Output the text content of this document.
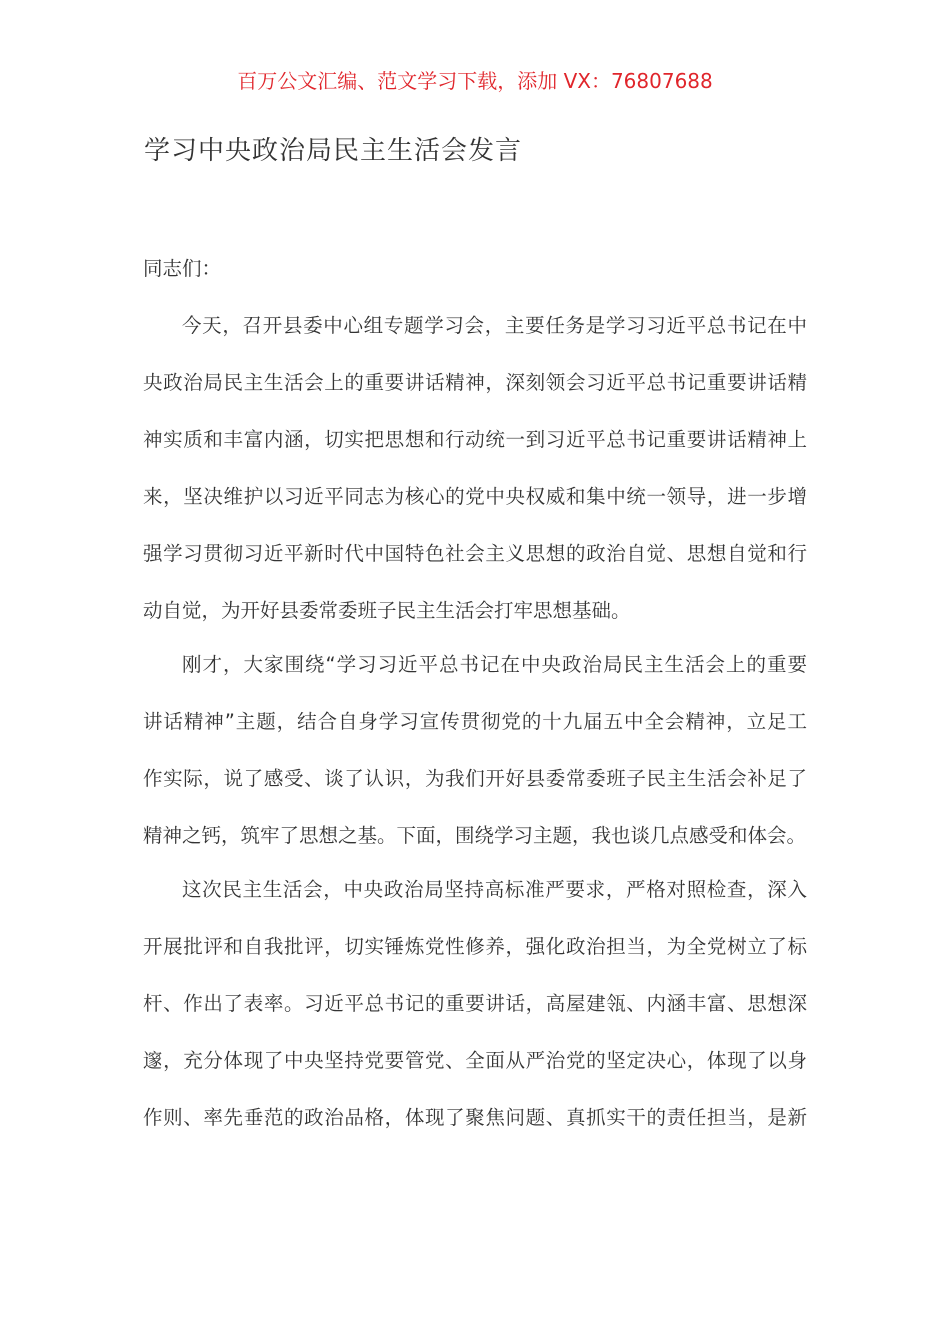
百万公文汇编、范文学习下载，添加 VX：76807688
学习中央政治局民主生活会发言
同志们：
今天，召开县委中心组专题学习会，主要任务是学习习近平总书记在中
央政治局民主生活会上的重要讲话精神，深刻领会习近平总书记重要讲话精
神实质和丰富内涵，切实把思想和行动统一到习近平总书记重要讲话精神上
来，坚决维护以习近平同志为核心的党中央权威和集中统一领导，进一步增
强学习贯彻习近平新时代中国特色社会主义思想的政治自觉、思想自觉和行
动自觉，为开好县委常委班子民主生活会打牢思想基础。
刚才，大家围绕“学习习近平总书记在中央政治局民主生活会上的重要
讲话精神”主题，结合自身学习宣传贯彻党的十九届五中全会精神，立足工
作实际，说了感受、谈了认识，为我们开好县委常委班子民主生活会补足了
精神之钙，筑牢了思想之基。下面，围绕学习主题，我也谈几点感受和体会。
这次民主生活会，中央政治局坚持高标准严要求，严格对照检查，深入
开展批评和自我批评，切实锤炼党性修养，强化政治担当，为全党树立了标
杆、作出了表率。习近平总书记的重要讲话，高屋建瓴、内涵丰富、思想深
邃，充分体现了中央坚持党要管党、全面从严治党的坚定决心，体现了以身
作则、率先垂范的政治品格，体现了聚焦问题、真抓实干的责任担当，是新
